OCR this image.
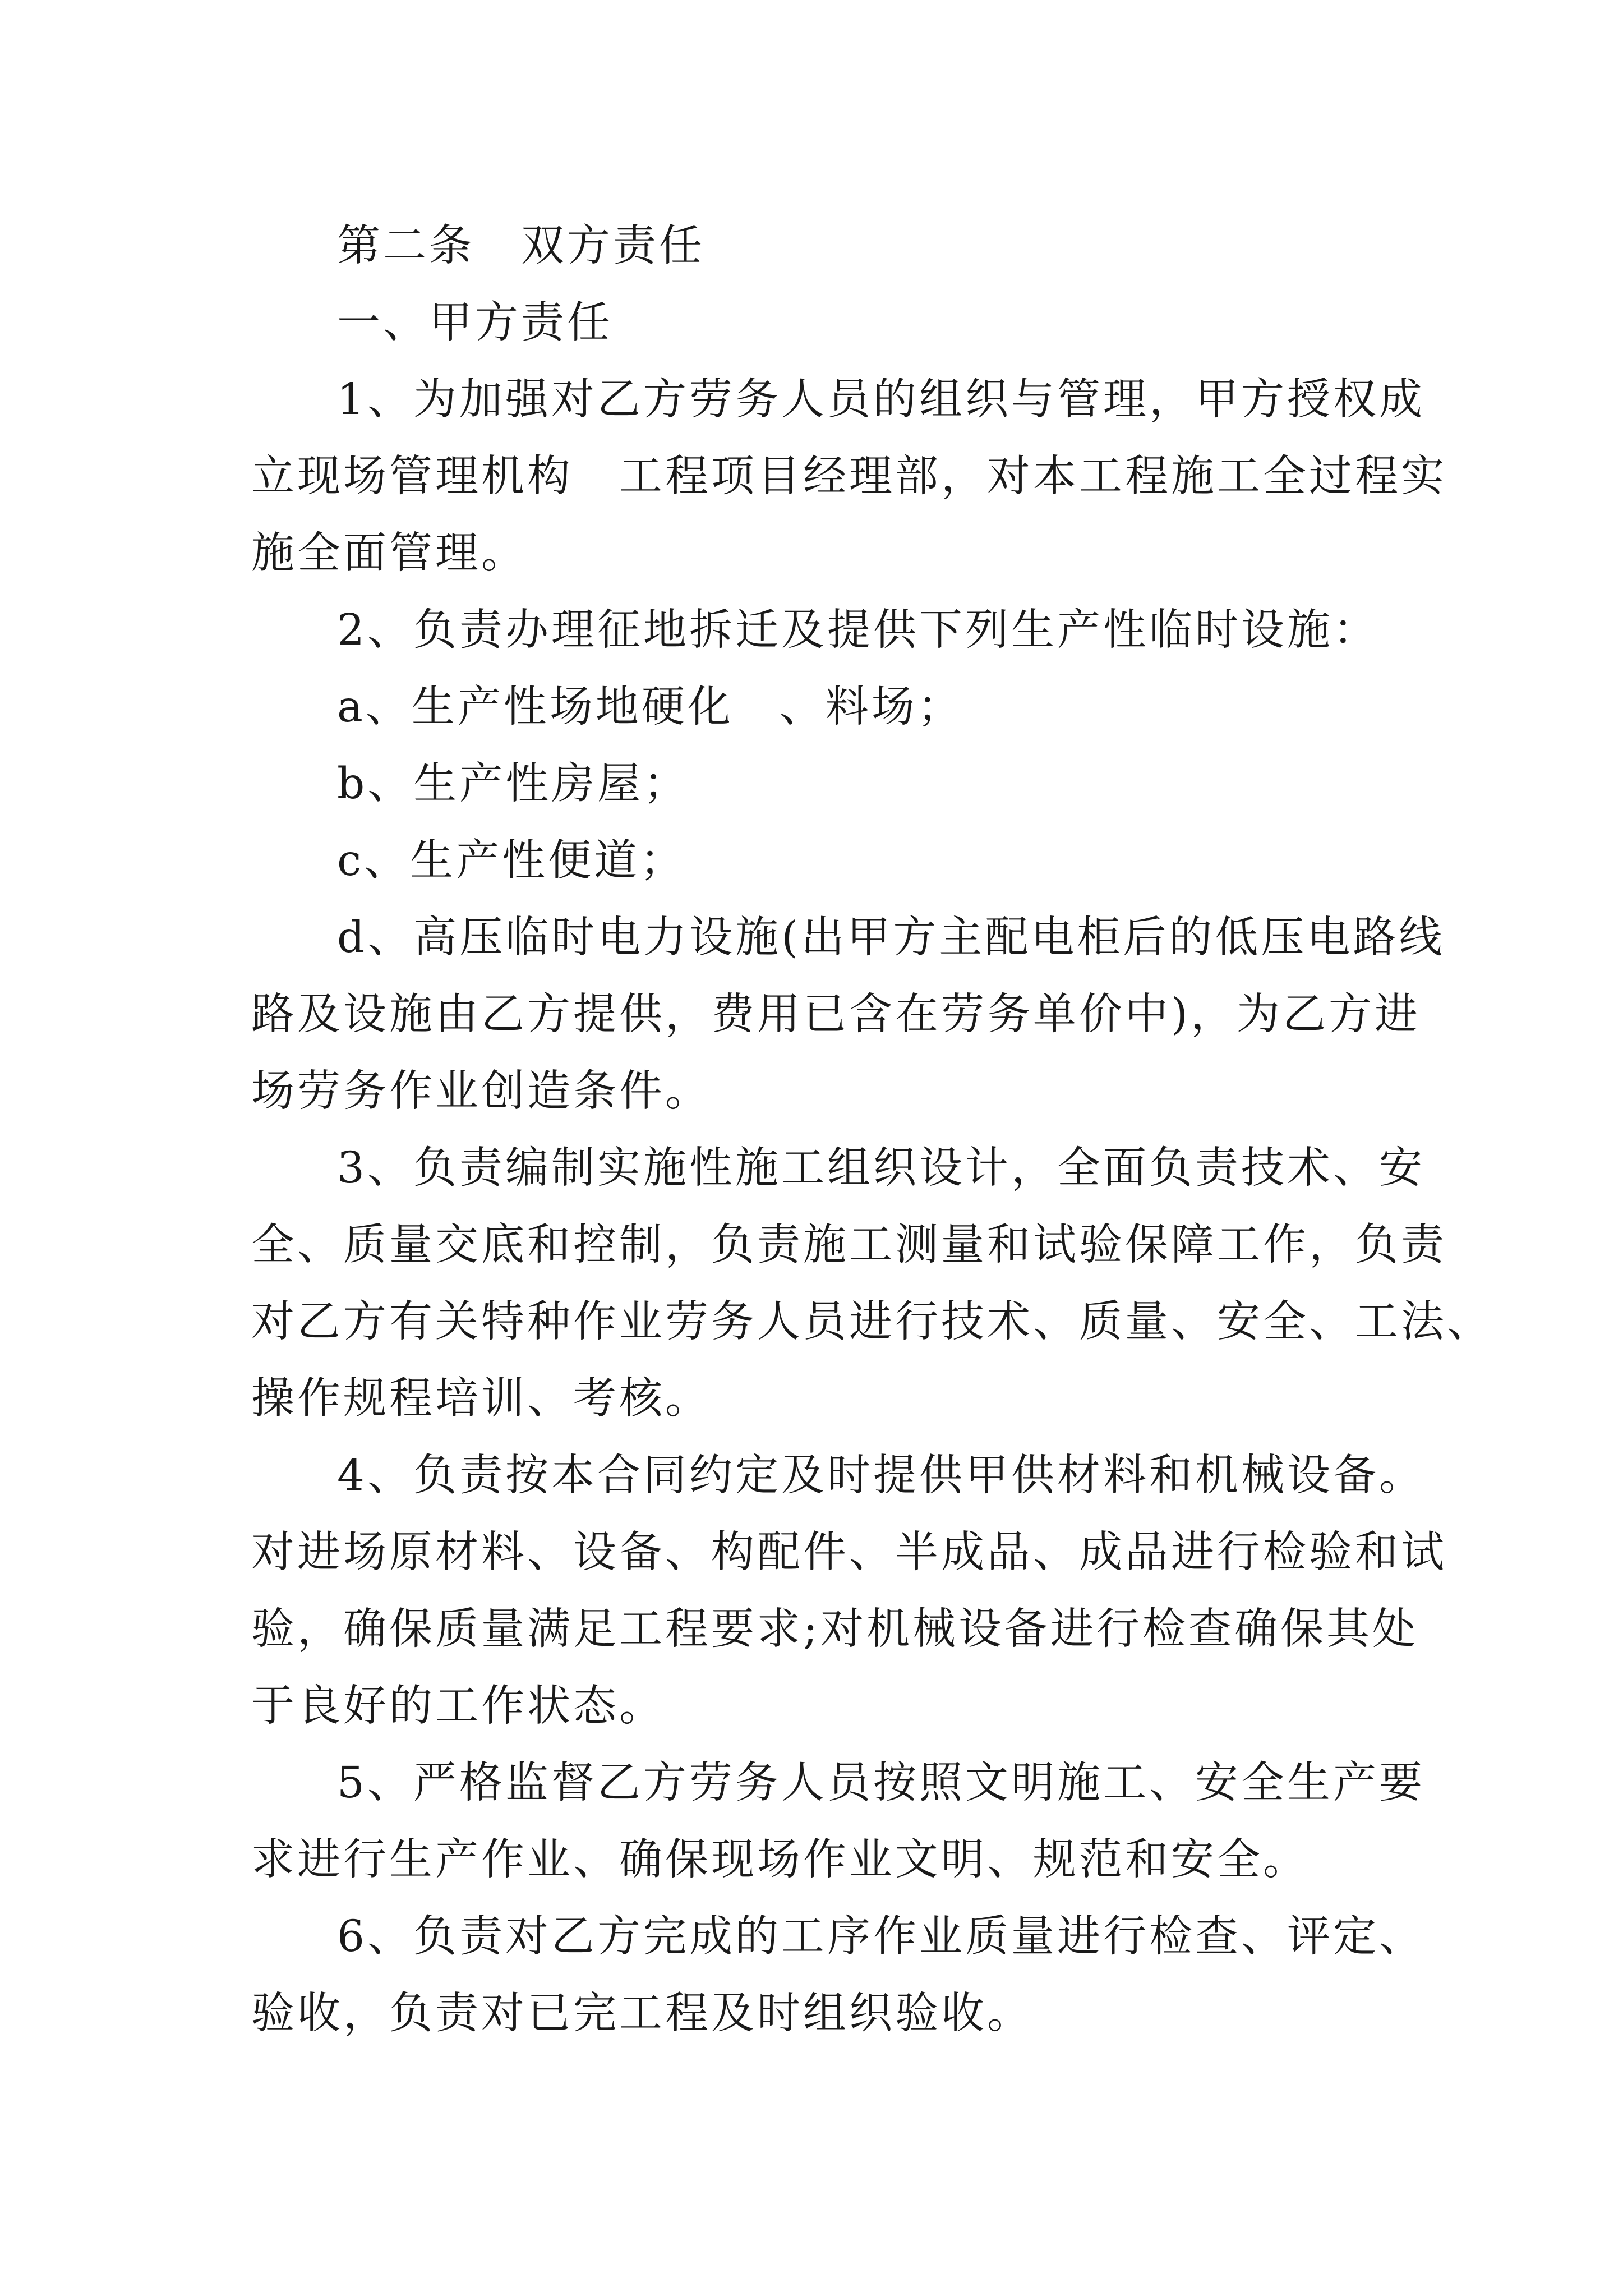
第二条　双方责任
一、甲方责任
1、为加强对乙方劳务人员的组织与管理，甲方授权成
立现场管理机构　工程项目经理部，对本工程施工全过程实
施全面管理。
2、负责办理征地拆迁及提供下列生产性临时设施：
a、生产性场地硬化　、料场；
b、生产性房屋；
c、生产性便道；
d、高压临时电力设施(出甲方主配电柜后的低压电路线
路及设施由乙方提供，费用已含在劳务单价中)，为乙方进
场劳务作业创造条件。
3、负责编制实施性施工组织设计，全面负责技术、安
全、质量交底和控制，负责施工测量和试验保障工作，负责
对乙方有关特种作业劳务人员进行技术、质量、安全、工法、
操作规程培训、考核。
4、负责按本合同约定及时提供甲供材料和机械设备。
对进场原材料、设备、构配件、半成品、成品进行检验和试
验，确保质量满足工程要求;对机械设备进行检查确保其处
于良好的工作状态。
5、严格监督乙方劳务人员按照文明施工、安全生产要
求进行生产作业、确保现场作业文明、规范和安全。
6、负责对乙方完成的工序作业质量进行检查、评定、
验收，负责对已完工程及时组织验收。
